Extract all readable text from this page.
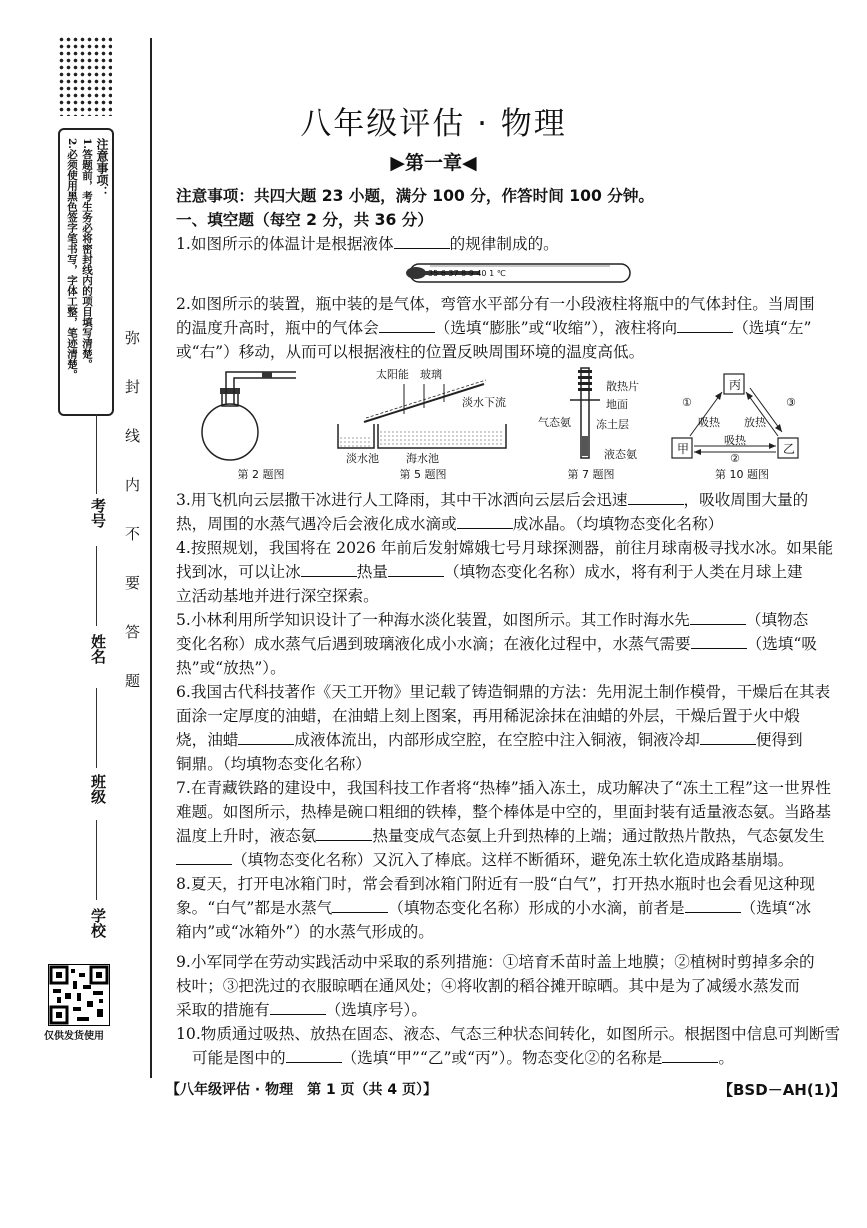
注意事项：
1.答题前，考生务必将密封线内的项目填写清楚。
2.必须使用黑色签字笔书写，字体工整，笔迹清楚。
学校
班级
姓名
考号 弥封线内不要答题
仅供发货使用
八年级评估 · 物理
▶第一章◀
注意事项：共四大题 23 小题，满分 100 分，作答时间 100 分钟。
一、填空题（每空 2 分，共 36 分）
1.如图所示的体温计是根据液体	的规律制成的。
35 6 37 8 9 40 1 ℃
2.如图所示的装置，瓶中装的是气体，弯管水平部分有一小段液柱将瓶中的气体封住。当周围
的温度升高时，瓶中的气体会	（选填“膨胀”或“收缩”），液柱将向	（选填“左”
或“右”）移动，从而可以根据液柱的位置反映周围环境的温度高低。
第 2 题图
太阳能 玻璃
淡水下流
淡水池 海水池
第 5 题图
散热片
地面
气态氨 冻土层
液态氨
第 7 题图
丙
甲	乙
①
吸热 放热
③
吸热
②
第 10 题图
3.用飞机向云层撒干冰进行人工降雨，其中干冰洒向云层后会迅速	，吸收周围大量的
热，周围的水蒸气遇冷后会液化成水滴或	成冰晶。（均填物态变化名称）
4.按照规划，我国将在 2026 年前后发射嫦娥七号月球探测器，前往月球南极寻找水冰。如果能
找到冰，可以让冰	热量	（填物态变化名称）成水，将有利于人类在月球上建
立活动基地并进行深空探索。
5.小林利用所学知识设计了一种海水淡化装置，如图所示。其工作时海水先	（填物态
变化名称）成水蒸气后遇到玻璃液化成小水滴；在液化过程中，水蒸气需要	（选填“吸
热”或“放热”）。
6.我国古代科技著作《天工开物》里记载了铸造铜鼎的方法：先用泥土制作模骨，干燥后在其表
面涂一定厚度的油蜡，在油蜡上刻上图案，再用稀泥涂抹在油蜡的外层，干燥后置于火中煅
烧，油蜡	成液体流出，内部形成空腔，在空腔中注入铜液，铜液冷却	便得到
铜鼎。（均填物态变化名称）
7.在青藏铁路的建设中，我国科技工作者将“热棒”插入冻土，成功解决了“冻土工程”这一世界性
难题。如图所示，热棒是碗口粗细的铁棒，整个棒体是中空的，里面封装有适量液态氨。当路基
温度上升时，液态氨	热量变成气态氨上升到热棒的上端；通过散热片散热，气态氨发生
（填物态变化名称）又沉入了棒底。这样不断循环，避免冻土软化造成路基崩塌。
8.夏天，打开电冰箱门时，常会看到冰箱门附近有一股“白气”，打开热水瓶时也会看见这种现
象。“白气”都是水蒸气	（填物态变化名称）形成的小水滴，前者是	（选填“冰
箱内”或“冰箱外”）的水蒸气形成的。
9.小军同学在劳动实践活动中采取的系列措施：①培育禾苗时盖上地膜；②植树时剪掉多余的
枝叶；③把洗过的衣服晾晒在通风处；④将收割的稻谷摊开晾晒。其中是为了减缓水蒸发而
采取的措施有	（选填序号）。
10.物质通过吸热、放热在固态、液态、气态三种状态间转化，如图所示。根据图中信息可判断雪
可能是图中的	（选填“甲”“乙”或“丙”）。物态变化②的名称是	。
【八年级评估 · 物理　第 1 页（共 4 页）】	【BSD－AH(1)】
